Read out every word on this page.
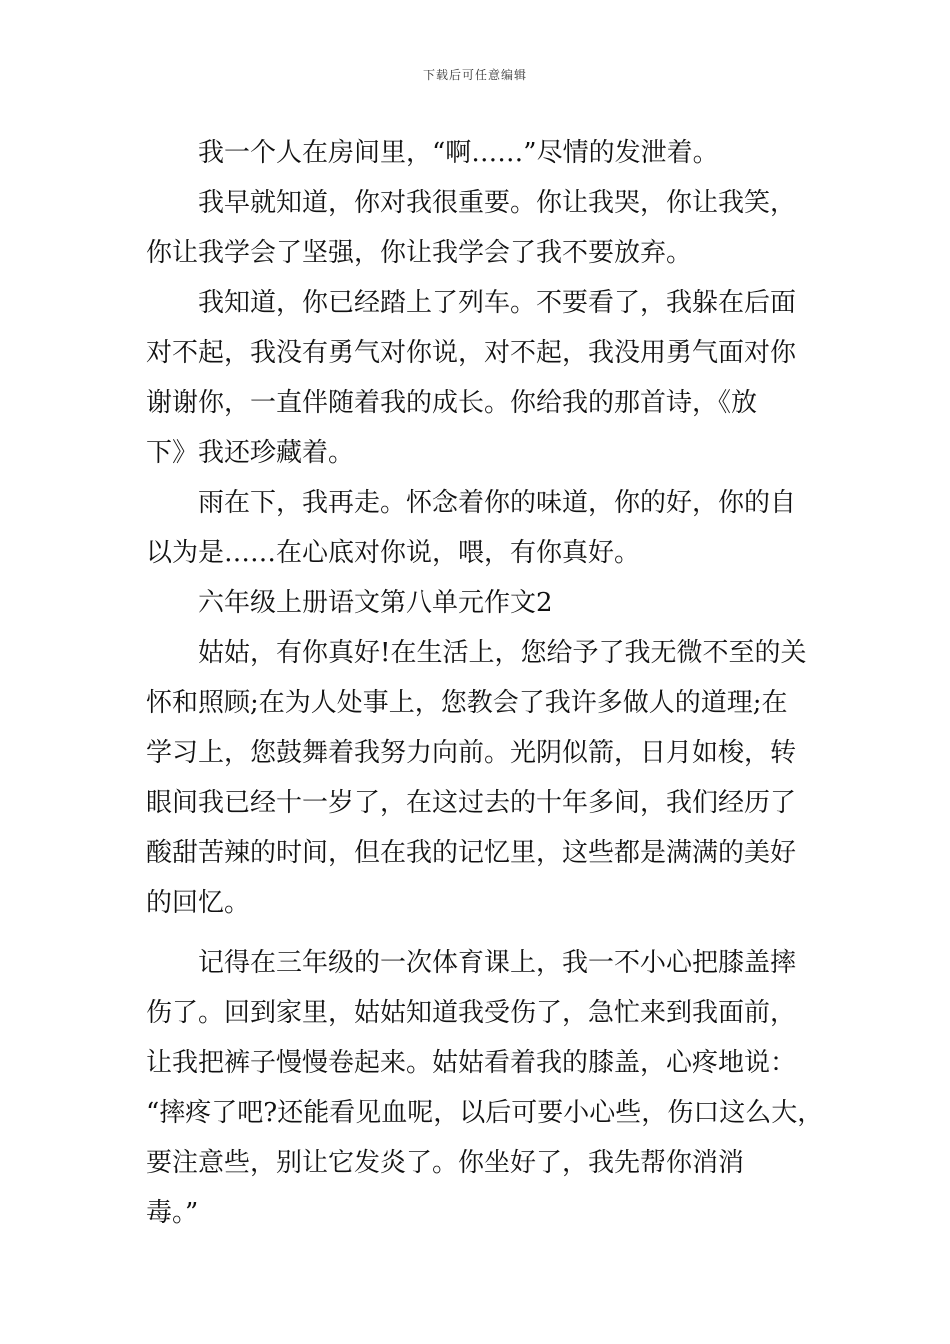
下载后可任意编辑
我一个人在房间里，“啊……”尽情的发泄着。
我早就知道，你对我很重要。你让我哭，你让我笑，
你让我学会了坚强，你让我学会了我不要放弃。
我知道，你已经踏上了列车。不要看了，我躲在后面
对不起，我没有勇气对你说，对不起，我没用勇气面对你
谢谢你，一直伴随着我的成长。你给我的那首诗，《放
下》我还珍藏着。
雨在下，我再走。怀念着你的味道，你的好，你的自
以为是……在心底对你说，喂，有你真好。
六年级上册语文第八单元作文2
姑姑，有你真好!在生活上，您给予了我无微不至的关
怀和照顾;在为人处事上，您教会了我许多做人的道理;在
学习上，您鼓舞着我努力向前。光阴似箭，日月如梭，转
眼间我已经十一岁了，在这过去的十年多间，我们经历了
酸甜苦辣的时间，但在我的记忆里，这些都是满满的美好
的回忆。
记得在三年级的一次体育课上，我一不小心把膝盖摔
伤了。回到家里，姑姑知道我受伤了，急忙来到我面前，
让我把裤子慢慢卷起来。姑姑看着我的膝盖，心疼地说：
“摔疼了吧?还能看见血呢，以后可要小心些，伤口这么大，
要注意些，别让它发炎了。你坐好了，我先帮你消消
毒。”
